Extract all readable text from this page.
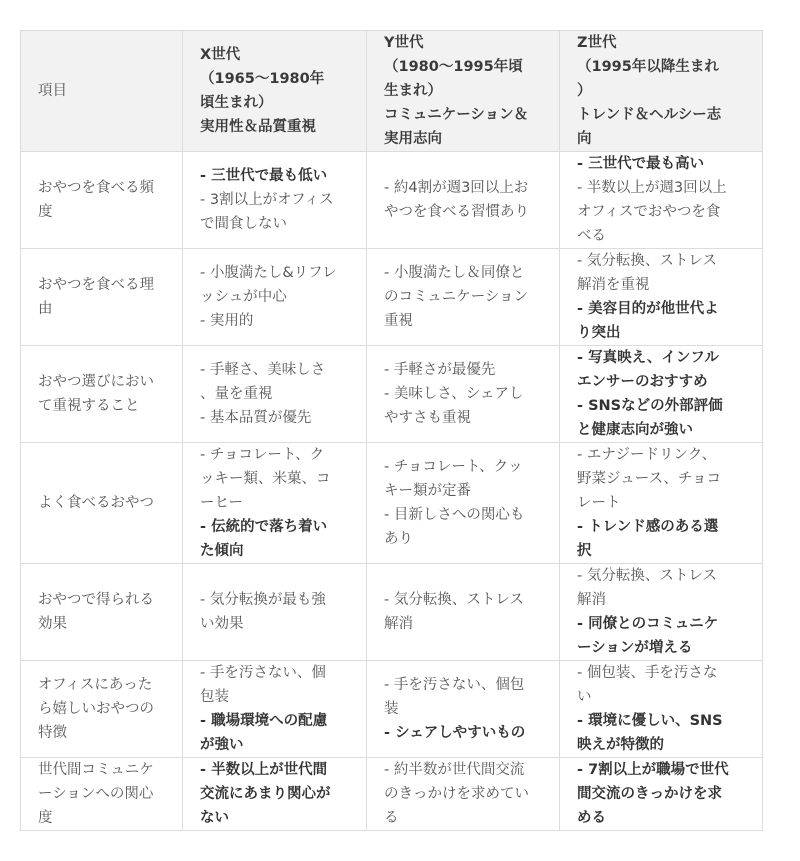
項目	X世代
（1965〜1980年
頃生まれ）
実用性＆品質重視	Y世代
（1980〜1995年頃
生まれ）
コミュニケーション＆
実用志向	Z世代
（1995年以降生まれ
）
トレンド＆ヘルシー志
向

おやつを食べる頻
度	- 三世代で最も低い
- 3割以上がオフィス
で間食しない	- 約4割が週3回以上お
やつを食べる習慣あり	- 三世代で最も高い
- 半数以上が週3回以上
オフィスでおやつを食
べる

おやつを食べる理
由	- 小腹満たし&リフレ
ッシュが中心
- 実用的	- 小腹満たし＆同僚と
のコミュニケーション
重視	- 気分転換、ストレス
解消を重視
- 美容目的が他世代よ
り突出

おやつ選びにおい
て重視すること	- 手軽さ、美味しさ
、量を重視
- 基本品質が優先	- 手軽さが最優先
- 美味しさ、シェアし
やすさも重視	- 写真映え、インフル
エンサーのおすすめ
- SNSなどの外部評価
と健康志向が強い

よく食べるおやつ	- チョコレート、ク
ッキー類、米菓、コ
ーヒー
- 伝統的で落ち着い
た傾向	- チョコレート、クッ
キー類が定番
- 目新しさへの関心も
あり	- エナジードリンク、
野菜ジュース、チョコ
レート
- トレンド感のある選
択

おやつで得られる
効果	- 気分転換が最も強
い効果	- 気分転換、ストレス
解消	- 気分転換、ストレス
解消
- 同僚とのコミュニケ
ーションが増える

オフィスにあった
ら嬉しいおやつの
特徴	- 手を汚さない、個
包装
- 職場環境への配慮
が強い	- 手を汚さない、個包
装
- シェアしやすいもの	- 個包装、手を汚さな
い
- 環境に優しい、SNS
映えが特徴的

世代間コミュニケ
ーションへの関心
度	- 半数以上が世代間
交流にあまり関心が
ない	- 約半数が世代間交流
のきっかけを求めてい
る	- 7割以上が職場で世代
間交流のきっかけを求
める
